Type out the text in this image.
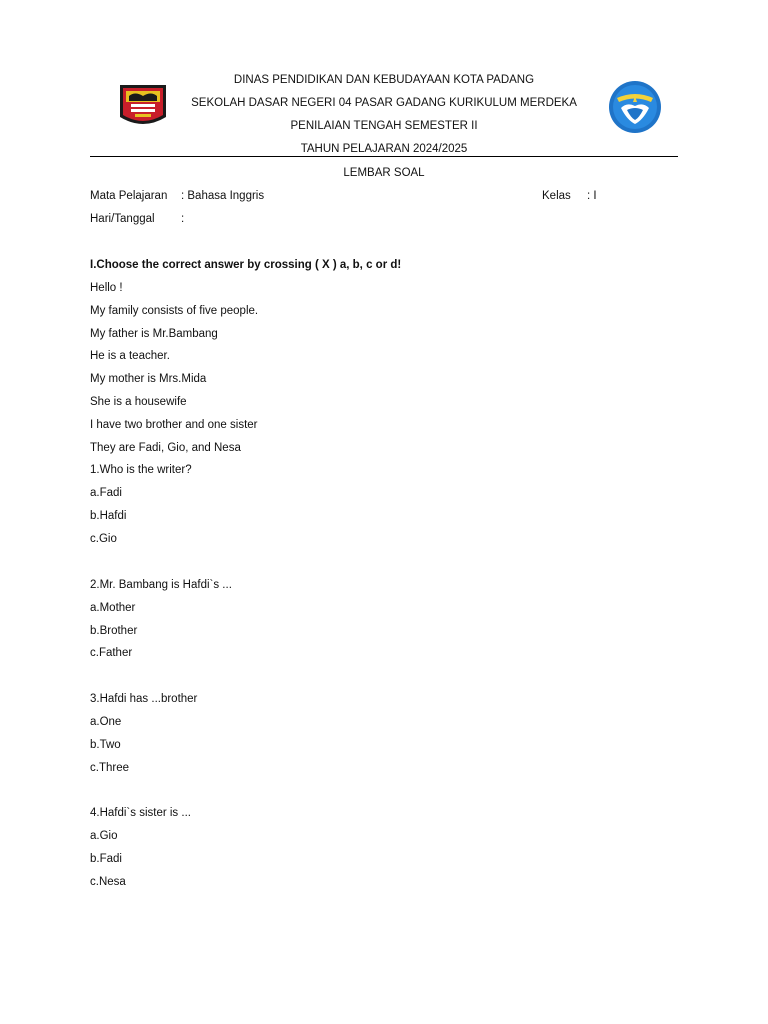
DINAS PENDIDIKAN DAN KEBUDAYAAN KOTA PADANG
SEKOLAH DASAR NEGERI 04 PASAR GADANG KURIKULUM MERDEKA
PENILAIAN TENGAH SEMESTER II
TAHUN PELAJARAN 2024/2025
LEMBAR SOAL
Mata Pelajaran : Bahasa Inggris	Kelas : I
Hari/Tanggal :
I.Choose the correct answer by crossing ( X ) a, b, c or d!
Hello !
My family consists of five people.
My father is Mr.Bambang
He is a teacher.
My mother is Mrs.Mida
She is a housewife
I have two brother and one sister
They are Fadi, Gio, and Nesa
1.Who is the writer?
a.Fadi
b.Hafdi
c.Gio
2.Mr. Bambang is Hafdi`s ...
a.Mother
b.Brother
c.Father
3.Hafdi has ...brother
a.One
b.Two
c.Three
4.Hafdi`s sister is ...
a.Gio
b.Fadi
c.Nesa
